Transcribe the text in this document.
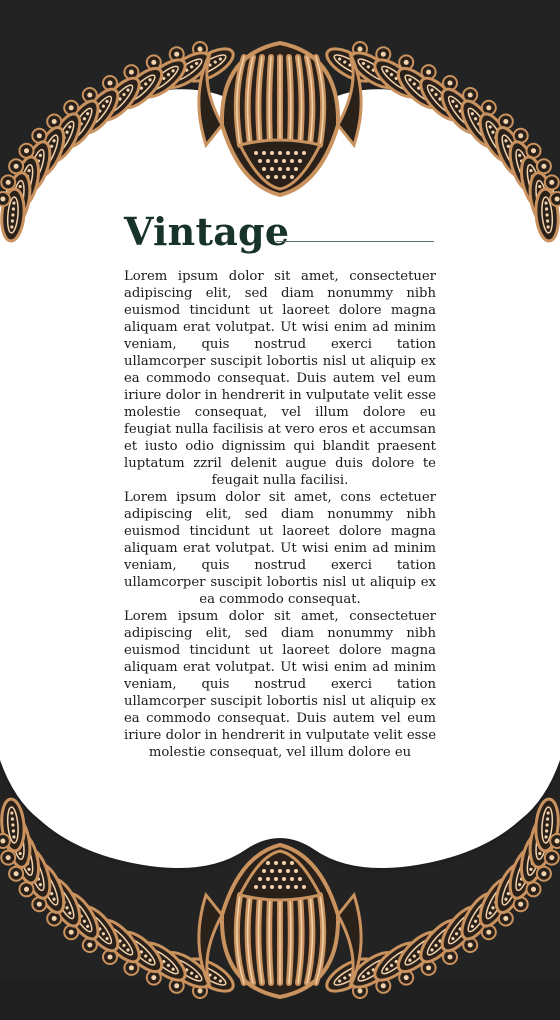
Vintage

Lorem ipsum dolor sit amet, consectetuer adipiscing elit, sed diam nonummy nibh euismod tincidunt ut laoreet dolore magna aliquam erat volutpat. Ut wisi enim ad minim veniam, quis nostrud exerci tation ullamcorper suscipit lobortis nisl ut aliquip ex ea commodo consequat. Duis autem vel eum iriure dolor in hendrerit in vulputate velit esse molestie consequat, vel illum dolore eu feugiat nulla facilisis at vero eros et accumsan et iusto odio dignissim qui blandit praesent luptatum zzril delenit augue duis dolore te feugait nulla facilisi.

Lorem ipsum dolor sit amet, cons ectetuer adipiscing elit, sed diam nonummy nibh euismod tincidunt ut laoreet dolore magna aliquam erat volutpat. Ut wisi enim ad minim veniam, quis nostrud exerci tation ullamcorper suscipit lobortis nisl ut aliquip ex ea commodo consequat.

Lorem ipsum dolor sit amet, consectetuer adipiscing elit, sed diam nonummy nibh euismod tincidunt ut laoreet dolore magna aliquam erat volutpat. Ut wisi enim ad minim veniam, quis nostrud exerci tation ullamcorper suscipit lobortis nisl ut aliquip ex ea commodo consequat. Duis autem vel eum iriure dolor in hendrerit in vulputate velit esse molestie consequat, vel illum dolore eu
